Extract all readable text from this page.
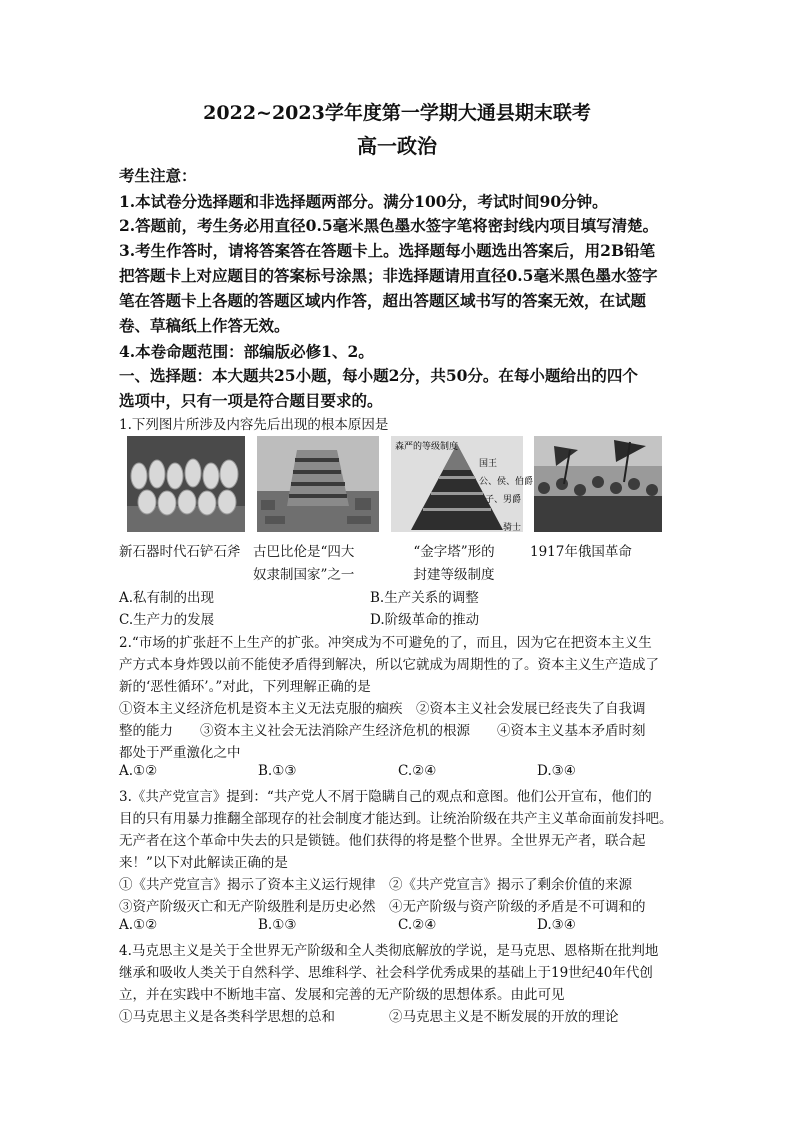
2022~2023学年度第一学期大通县期末联考
高一政治
考生注意：
1.本试卷分选择题和非选择题两部分。满分100分，考试时间90分钟。
2.答题前，考生务必用直径0.5毫米黑色墨水签字笔将密封线内项目填写清楚。
3.考生作答时，请将答案答在答题卡上。选择题每小题选出答案后，用2B铅笔
把答题卡上对应题目的答案标号涂黑；非选择题请用直径0.5毫米黑色墨水签字
笔在答题卡上各题的答题区域内作答，超出答题区域书写的答案无效，在试题
卷、草稿纸上作答无效。
4.本卷命题范围：部编版必修1、2。
一、选择题：本大题共25小题，每小题2分，共50分。在每小题给出的四个
选项中，只有一项是符合题目要求的。
1.下列图片所涉及内容先后出现的根本原因是
森严的等级制度
国王
公、侯、伯爵
子、男爵
骑士
新石器时代石铲石斧 古巴比伦是“四大
奴隶制国家”之一
“金字塔”形的
封建等级制度
1917年俄国革命
A.私有制的出现	B.生产关系的调整
C.生产力的发展	D.阶级革命的推动
2.“市场的扩张赶不上生产的扩张。冲突成为不可避免的了，而且，因为它在把资本主义生
产方式本身炸毁以前不能使矛盾得到解决，所以它就成为周期性的了。资本主义生产造成了
新的‘恶性循环’。”对此，下列理解正确的是
①资本主义经济危机是资本主义无法克服的痼疾　②资本主义社会发展已经丧失了自我调
整的能力　　③资本主义社会无法消除产生经济危机的根源　　④资本主义基本矛盾时刻
都处于严重激化之中
A.①②	B.①③	C.②④	D.③④
3.《共产党宣言》提到：“共产党人不屑于隐瞒自己的观点和意图。他们公开宣布，他们的
目的只有用暴力推翻全部现存的社会制度才能达到。让统治阶级在共产主义革命面前发抖吧。
无产者在这个革命中失去的只是锁链。他们获得的将是整个世界。全世界无产者，联合起
来！”以下对此解读正确的是
①《共产党宣言》揭示了资本主义运行规律　②《共产党宣言》揭示了剩余价值的来源
③资产阶级灭亡和无产阶级胜利是历史必然　④无产阶级与资产阶级的矛盾是不可调和的
A.①②	B.①③	C.②④	D.③④
4.马克思主义是关于全世界无产阶级和全人类彻底解放的学说，是马克思、恩格斯在批判地
继承和吸收人类关于自然科学、思维科学、社会科学优秀成果的基础上于19世纪40年代创
立，并在实践中不断地丰富、发展和完善的无产阶级的思想体系。由此可见
①马克思主义是各类科学思想的总和　　　　②马克思主义是不断发展的开放的理论
